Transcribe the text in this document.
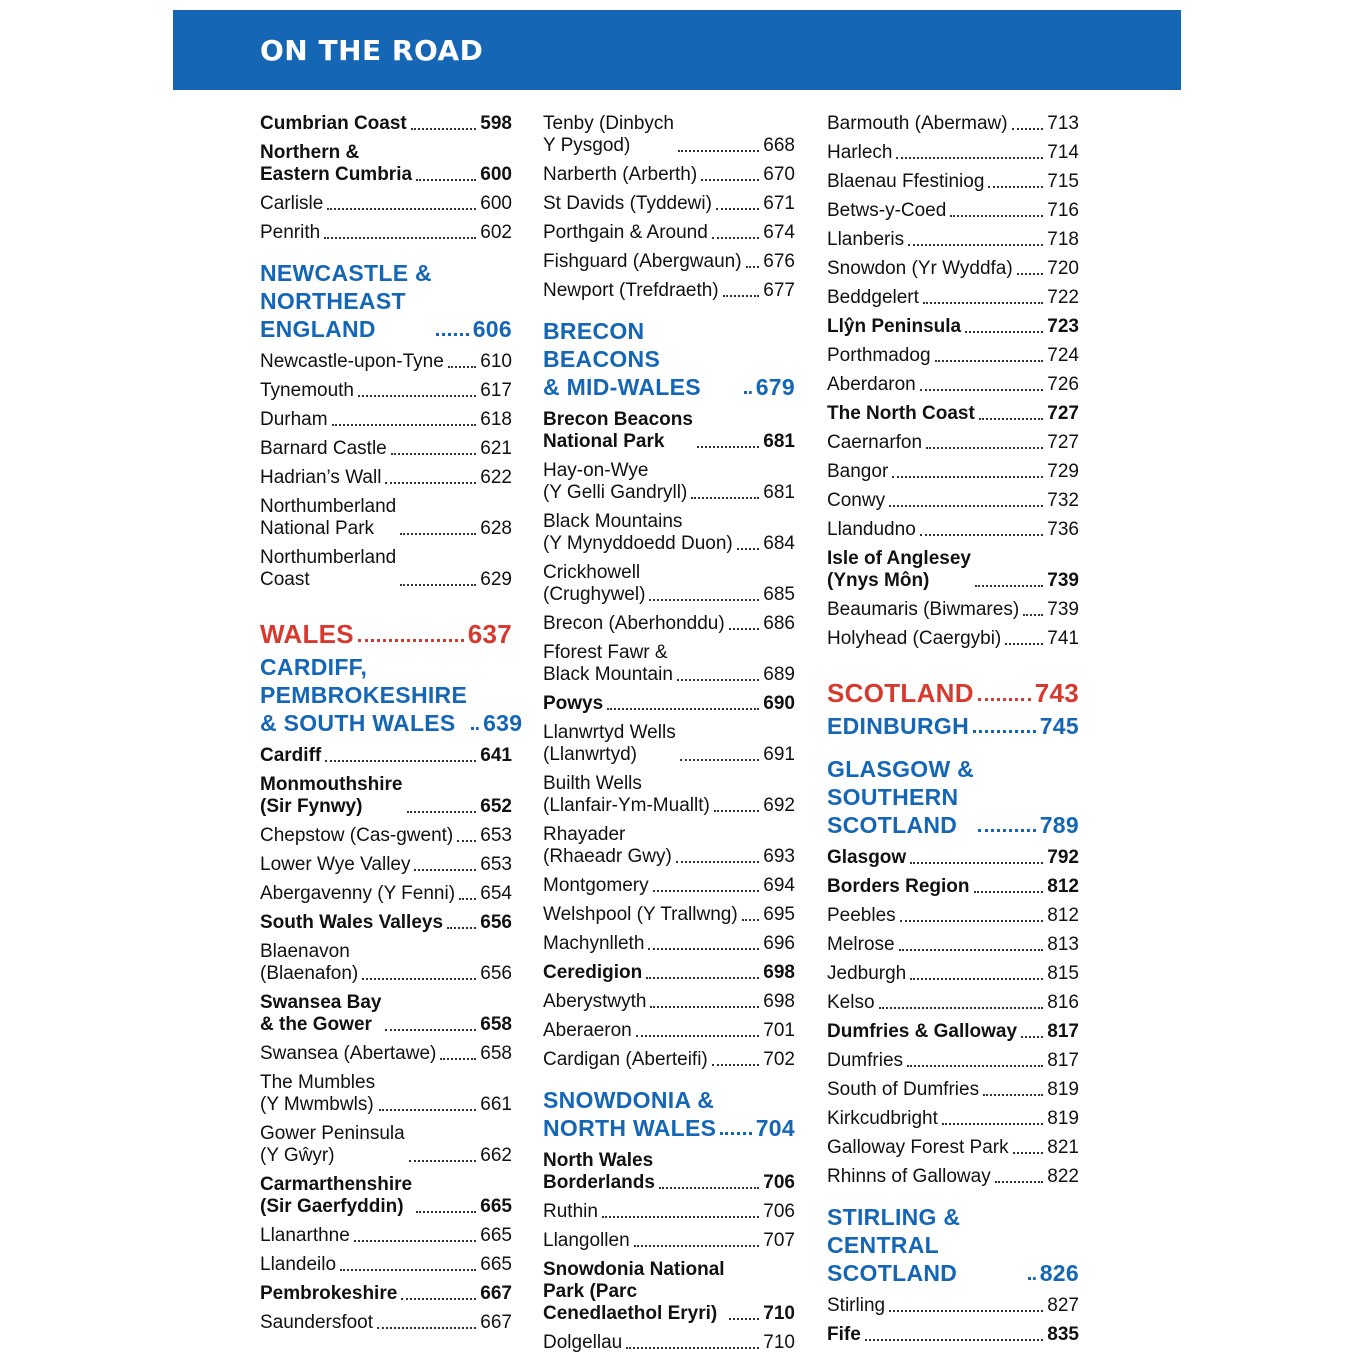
ON THE ROAD
Cumbrian Coast	598
Northern &
Eastern Cumbria	600
Carlisle	600
Penrith	602
NEWCASTLE &
NORTHEAST
ENGLAND	606
Newcastle-upon-Tyne 610
Tynemouth	617
Durham	618
Barnard Castle	621
Hadrian’s Wall	622
Northumberland
National Park	628
Northumberland
Coast	629
WALES	637
CARDIFF,
PEMBROKESHIRE
& SOUTH WALES	639
Cardiff	641
Monmouthshire
(Sir Fynwy)	652
Chepstow (Cas-gwent) 653
Lower Wye Valley	653
Abergavenny (Y Fenni) 654
South Wales Valleys 656
Blaenavon
(Blaenafon)	656
Swansea Bay
& the Gower	658
Swansea (Abertawe) 658
The Mumbles
(Y Mwmbwls)	661
Gower Peninsula
(Y Gŵyr)	662
Carmarthenshire
(Sir Gaerfyddin)	665
Llanarthne	665
Llandeilo	665
Pembrokeshire	667
Saundersfoot	667
Tenby (Dinbych
Y Pysgod)	668
Narberth (Arberth)	670
St Davids (Tyddewi)	671
Porthgain & Around	674
Fishguard (Abergwaun) 676
Newport (Trefdraeth) 677
BRECON BEACONS
& MID-WALES	679
Brecon Beacons
National Park	681
Hay-on-Wye
(Y Gelli Gandryll)	681
Black Mountains
(Y Mynyddoedd Duon) 684
Crickhowell
(Crughywel)	685
Brecon (Aberhonddu) 686
Fforest Fawr &
Black Mountain	689
Powys	690
Llanwrtyd Wells
(Llanwrtyd)	691
Builth Wells
(Llanfair-Ym-Muallt)	692
Rhayader
(Rhaeadr Gwy)	693
Montgomery	694
Welshpool (Y Trallwng) 695
Machynlleth	696
Ceredigion	698
Aberystwyth	698
Aberaeron	701
Cardigan (Aberteifi)	702
SNOWDONIA &
NORTH WALES 704
North Wales
Borderlands	706
Ruthin	706
Llangollen	707
Snowdonia National
Park (Parc
Cenedlaethol Eryri)	710
Dolgellau	710
Barmouth (Abermaw) 713
Harlech	714
Blaenau Ffestiniog	715
Betws-y-Coed	716
Llanberis	718
Snowdon (Yr Wyddfa) 720
Beddgelert	722
Llŷn Peninsula	723
Porthmadog	724
Aberdaron	726
The North Coast	727
Caernarfon	727
Bangor	729
Conwy	732
Llandudno	736
Isle of Anglesey
(Ynys Môn)	739
Beaumaris (Biwmares) 739
Holyhead (Caergybi) 741
SCOTLAND 743
EDINBURGH	745
GLASGOW &
SOUTHERN
SCOTLAND	789
Glasgow	792
Borders Region	812
Peebles	812
Melrose	813
Jedburgh	815
Kelso	816
Dumfries & Galloway 817
Dumfries	817
South of Dumfries	819
Kirkcudbright	819
Galloway Forest Park 821
Rhinns of Galloway	822
STIRLING & CENTRAL
SCOTLAND	826
Stirling	827
Fife	835
